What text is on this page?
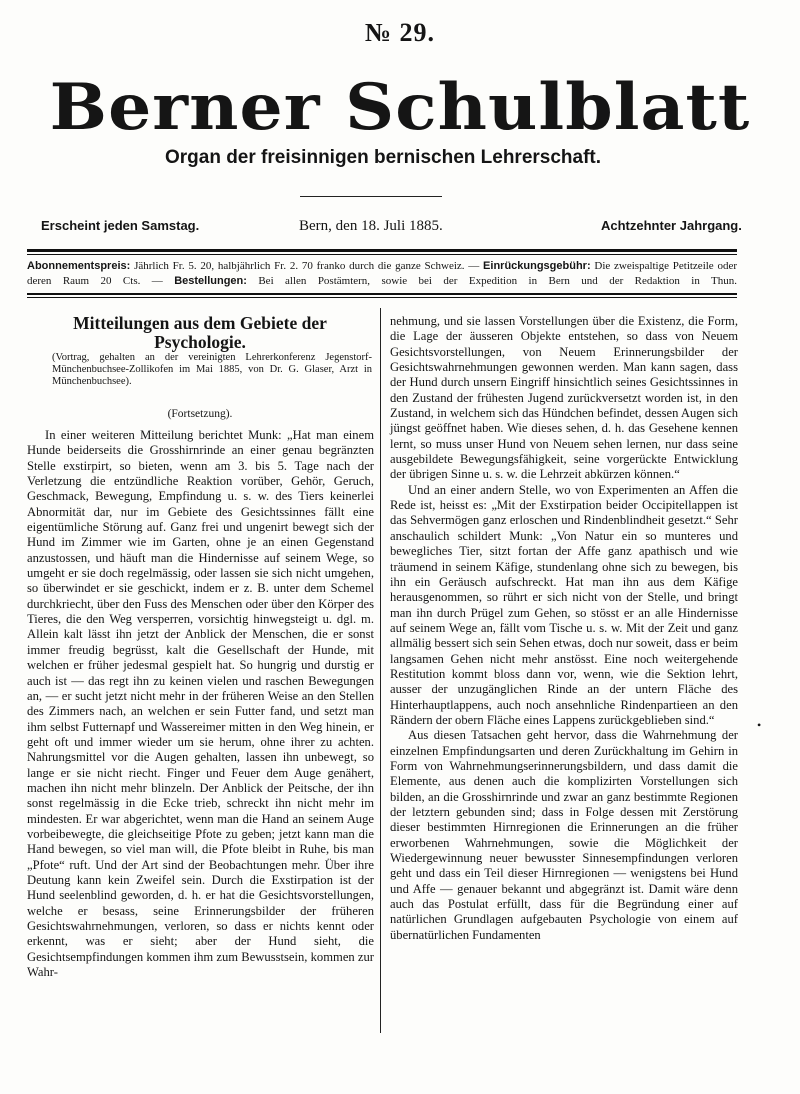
№ 29.
Berner Schulblatt
Organ der freisinnigen bernischen Lehrerschaft.
Erscheint jeden Samstag.	Bern, den 18. Juli 1885.	Achtzehnter Jahrgang.
Abonnementspreis: Jährlich Fr. 5. 20, halbjährlich Fr. 2. 70 franko durch die ganze Schweiz. — Einrückungsgebühr: Die zweispaltige Petitzeile oder deren Raum 20 Cts. — Bestellungen: Bei allen Postämtern, sowie bei der Expedition in Bern und der Redaktion in Thun.
Mitteilungen aus dem Gebiete der Psychologie.
(Vortrag, gehalten an der vereinigten Lehrerkonferenz Jegenstorf-Münchenbuchsee-Zollikofen im Mai 1885, von Dr. G. Glaser, Arzt in Münchenbuchsee).
(Fortsetzung).

In einer weiteren Mitteilung berichtet Munk: „Hat man einem Hunde beiderseits die Grosshirnrinde an einer genau begränzten Stelle exstirpirt, so bieten, wenn am 3. bis 5. Tage nach der Verletzung die entzündliche Reaktion vorüber, Gehör, Geruch, Geschmack, Bewegung, Empfindung u. s. w. des Tiers keinerlei Abnormität dar, nur im Gebiete des Gesichtssinnes fällt eine eigentümliche Störung auf. Ganz frei und ungenirt bewegt sich der Hund im Zimmer wie im Garten, ohne je an einen Gegenstand anzustossen, und häuft man die Hindernisse auf seinem Wege, so umgeht er sie doch regelmässig, oder lassen sie sich nicht umgehen, so überwindet er sie geschickt, indem er z. B. unter dem Schemel durchkriecht, über den Fuss des Menschen oder über den Körper des Tieres, die den Weg versperren, vorsichtig hinwegsteigt u. dgl. m. Allein kalt lässt ihn jetzt der Anblick der Menschen, die er sonst immer freudig begrüsst, kalt die Gesellschaft der Hunde, mit welchen er früher jedesmal gespielt hat. So hungrig und durstig er auch ist — das regt ihn zu keinen vielen und raschen Bewegungen an, — er sucht jetzt nicht mehr in der früheren Weise an den Stellen des Zimmers nach, an welchen er sein Futter fand, und setzt man ihm selbst Futternapf und Wassereimer mitten in den Weg hinein, er geht oft und immer wieder um sie herum, ohne ihrer zu achten. Nahrungsmittel vor die Augen gehalten, lassen ihn unbewegt, so lange er sie nicht riecht. Finger und Feuer dem Auge genähert, machen ihn nicht mehr blinzeln. Der Anblick der Peitsche, der ihn sonst regelmässig in die Ecke trieb, schreckt ihn nicht mehr im mindesten. Er war abgerichtet, wenn man die Hand an seinem Auge vorbeibewegte, die gleichseitige Pfote zu geben; jetzt kann man die Hand bewegen, so viel man will, die Pfote bleibt in Ruhe, bis man „Pfote“ ruft. Und der Art sind der Beobachtungen mehr. Über ihre Deutung kann kein Zweifel sein. Durch die Exstirpation ist der Hund seelenblind geworden, d. h. er hat die Gesichtsvorstellungen, welche er besass, seine Erinnerungsbilder der früheren Gesichtswahrnehmungen, verloren, so dass er nichts kennt oder erkennt, was er sieht; aber der Hund sieht, die Gesichtsempfindungen kommen ihm zum Bewusstsein, kommen zur Wahr-

nehmung, und sie lassen Vorstellungen über die Existenz, die Form, die Lage der äusseren Objekte entstehen, so dass von Neuem Gesichtsvorstellungen, von Neuem Erinnerungsbilder der Gesichtswahrnehmungen gewonnen werden. Man kann sagen, dass der Hund durch unsern Eingriff hinsichtlich seines Gesichtssinnes in den Zustand der frühesten Jugend zurückversetzt worden ist, in den Zustand, in welchem sich das Hündchen befindet, dessen Augen sich jüngst geöffnet haben. Wie dieses sehen, d. h. das Gesehene kennen lernt, so muss unser Hund von Neuem sehen lernen, nur dass seine ausgebildete Bewegungsfähigkeit, seine vorgerückte Entwicklung der übrigen Sinne u. s. w. die Lehrzeit abkürzen können.“

Und an einer andern Stelle, wo von Experimenten an Affen die Rede ist, heisst es: „Mit der Exstirpation beider Occipitellappen ist das Sehvermögen ganz erloschen und Rindenblindheit gesetzt.“ Sehr anschaulich schildert Munk: „Von Natur ein so munteres und bewegliches Tier, sitzt fortan der Affe ganz apathisch und wie träumend in seinem Käfige, stundenlang ohne sich zu bewegen, bis ihn ein Geräusch aufschreckt. Hat man ihn aus dem Käfige herausgenommen, so rührt er sich nicht von der Stelle, und bringt man ihn durch Prügel zum Gehen, so stösst er an alle Hindernisse auf seinem Wege an, fällt vom Tische u. s. w. Mit der Zeit und ganz allmälig bessert sich sein Sehen etwas, doch nur soweit, dass er beim langsamen Gehen nicht mehr anstösst. Eine noch weitergehende Restitution kommt bloss dann vor, wenn, wie die Sektion lehrt, ausser der unzugänglichen Rinde an der untern Fläche des Hinterhauptlappens, auch noch ansehnliche Rindenpartieen an den Rändern der obern Fläche eines Lappens zurückgeblieben sind.“

Aus diesen Tatsachen geht hervor, dass die Wahrnehmung der einzelnen Empfindungsarten und deren Zurückhaltung im Gehirn in Form von Wahrnehmungserinnerungsbildern, und dass damit die Elemente, aus denen auch die komplizirten Vorstellungen sich bilden, an die Grosshirnrinde und zwar an ganz bestimmte Regionen der letztern gebunden sind; dass in Folge dessen mit Zerstörung dieser bestimmten Hirnregionen die Erinnerungen an die früher erworbenen Wahrnehmungen, sowie die Möglichkeit der Wiedergewinnung neuer bewusster Sinnesempfindungen verloren geht und dass ein Teil dieser Hirnregionen — wenigstens bei Hund und Affe — genauer bekannt und abgegränzt ist. Damit wäre denn auch das Postulat erfüllt, dass für die Begründung einer auf natürlichen Grundlagen aufgebauten Psychologie von einem auf übernatürlichen Fundamenten

•
